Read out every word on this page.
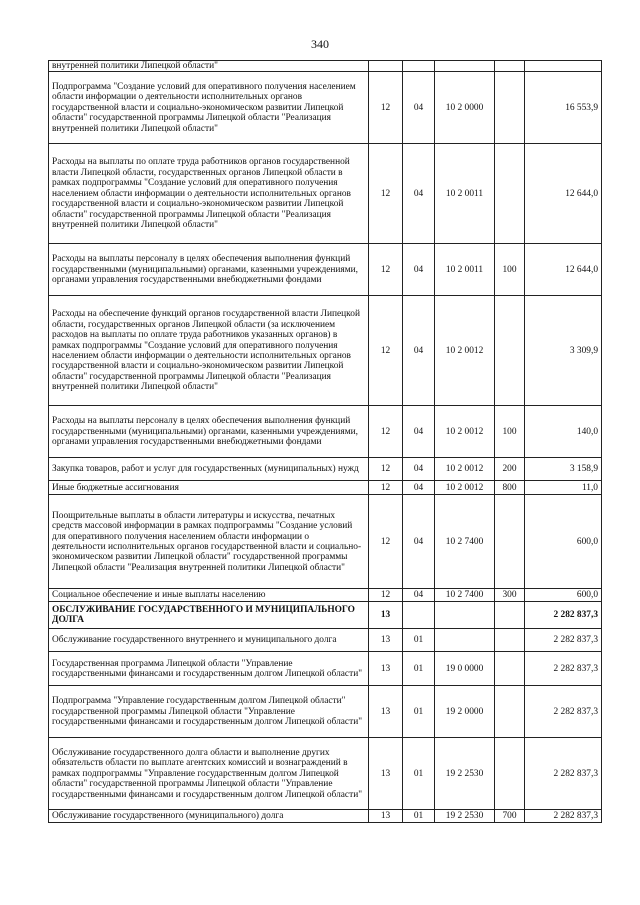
340
внутренней политики Липецкой области"					
Подпрограмма "Создание условий для оперативного получения населением области информации о деятельности исполнительных органов государственной власти и социально-экономическом развитии Липецкой области" государственной программы Липецкой области "Реализация внутренней политики Липецкой области"	12	04	10 2 0000		16 553,9
Расходы на выплаты по оплате труда работников органов государственной власти Липецкой области, государственных органов Липецкой области в рамках подпрограммы "Создание условий для оперативного получения населением области информации о деятельности исполнительных органов государственной власти и социально-экономическом развитии Липецкой области" государственной программы Липецкой области "Реализация внутренней политики Липецкой области"	12	04	10 2 0011		12 644,0
Расходы на выплаты персоналу в целях обеспечения выполнения функций государственными (муниципальными) органами, казенными учреждениями, органами управления государственными внебюджетными фондами	12	04	10 2 0011	100	12 644,0
Расходы на обеспечение функций органов государственной власти Липецкой области, государственных органов Липецкой области (за исключением расходов на выплаты по оплате труда работников указанных органов) в рамках подпрограммы "Создание условий для оперативного получения населением области информации о деятельности исполнительных органов государственной власти и социально-экономическом развитии Липецкой области" государственной программы Липецкой области "Реализация внутренней политики Липецкой области"	12	04	10 2 0012		3 309,9
Расходы на выплаты персоналу в целях обеспечения выполнения функций государственными (муниципальными) органами, казенными учреждениями, органами управления государственными внебюджетными фондами	12	04	10 2 0012	100	140,0
Закупка товаров, работ и услуг для государственных (муниципальных) нужд	12	04	10 2 0012	200	3 158,9
Иные бюджетные ассигнования	12	04	10 2 0012	800	11,0
Поощрительные выплаты в области литературы и искусства, печатных средств массовой информации в рамках подпрограммы "Создание условий для оперативного получения населением области информации о деятельности исполнительных органов государственной власти и социально-экономическом развитии Липецкой области" государственной программы Липецкой области "Реализация внутренней политики Липецкой области"	12	04	10 2 7400		600,0
Социальное обеспечение и иные выплаты населению	12	04	10 2 7400	300	600,0
ОБСЛУЖИВАНИЕ ГОСУДАРСТВЕННОГО И МУНИЦИПАЛЬНОГО ДОЛГА	13				2 282 837,3
Обслуживание государственного внутреннего и муниципального долга	13	01			2 282 837,3
Государственная программа Липецкой области "Управление государственными финансами и государственным долгом Липецкой области"	13	01	19 0 0000		2 282 837,3
Подпрограмма "Управление государственным долгом Липецкой области" государственной программы Липецкой области "Управление государственными финансами и государственным долгом Липецкой области"	13	01	19 2 0000		2 282 837,3
Обслуживание государственного долга области и выполнение других обязательств области по выплате агентских комиссий и вознаграждений в рамках подпрограммы "Управление государственным долгом Липецкой области" государственной программы Липецкой области "Управление государственными финансами и государственным долгом Липецкой области"	13	01	19 2 2530		2 282 837,3
Обслуживание государственного (муниципального) долга	13	01	19 2 2530	700	2 282 837,3
